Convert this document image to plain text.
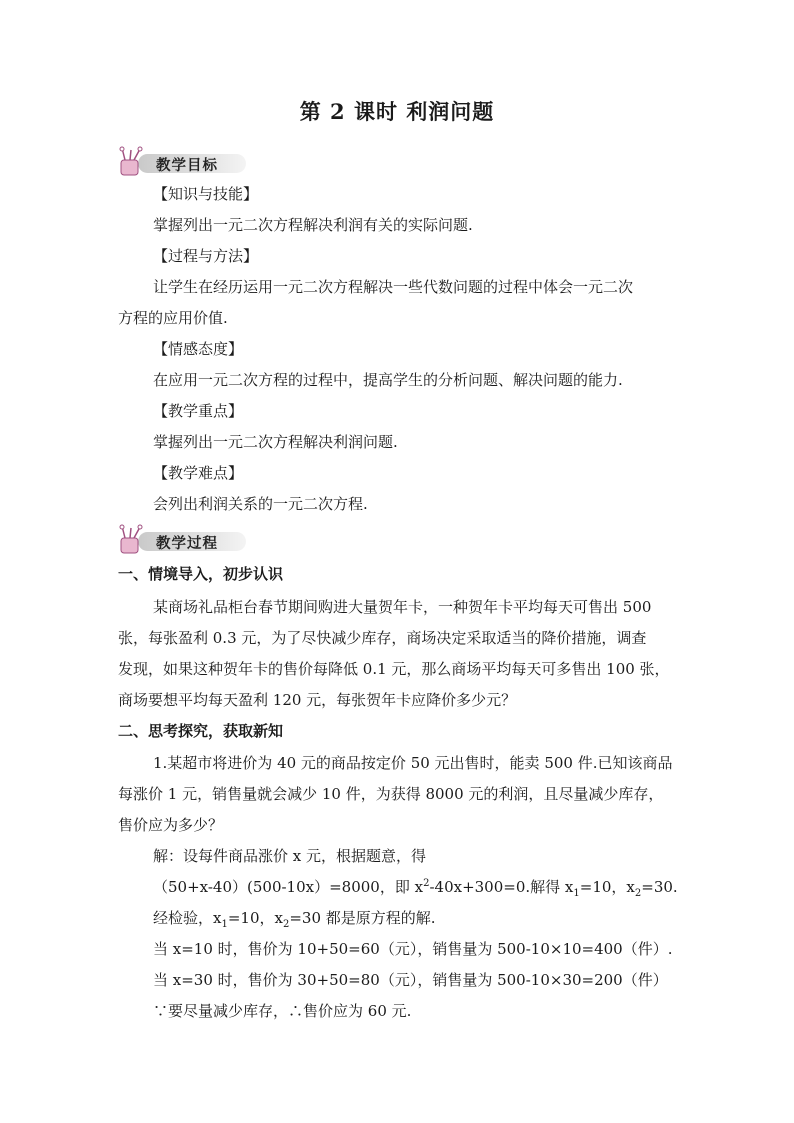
第 2 课时 利润问题
教学目标
【知识与技能】
掌握列出一元二次方程解决利润有关的实际问题.
【过程与方法】
让学生在经历运用一元二次方程解决一些代数问题的过程中体会一元二次
方程的应用价值.
【情感态度】
在应用一元二次方程的过程中，提高学生的分析问题、解决问题的能力.
【教学重点】
掌握列出一元二次方程解决利润问题.
【教学难点】
会列出利润关系的一元二次方程.
教学过程
一、情境导入，初步认识
某商场礼品柜台春节期间购进大量贺年卡，一种贺年卡平均每天可售出 500
张，每张盈利 0.3 元，为了尽快减少库存，商场决定采取适当的降价措施，调查
发现，如果这种贺年卡的售价每降低 0.1 元，那么商场平均每天可多售出 100 张，
商场要想平均每天盈利 120 元，每张贺年卡应降价多少元？
二、思考探究，获取新知
1.某超市将进价为 40 元的商品按定价 50 元出售时，能卖 500 件.已知该商品
每涨价 1 元，销售量就会减少 10 件，为获得 8000 元的利润，且尽量减少库存，
售价应为多少？
解：设每件商品涨价 x 元，根据题意，得
（50+x-40）(500-10x）=8000，即 $x^2-40x+300=0$.解得 $x_1=10$，$x_2=30$.
经检验，$x_1=10$，$x_2=30$ 都是原方程的解.
当 x=10 时，售价为 10+50=60（元），销售量为 500-10×10=400（件）.
当 x=30 时，售价为 30+50=80（元），销售量为 500-10×30=200（件）
∵要尽量减少库存，∴售价应为 60 元.
